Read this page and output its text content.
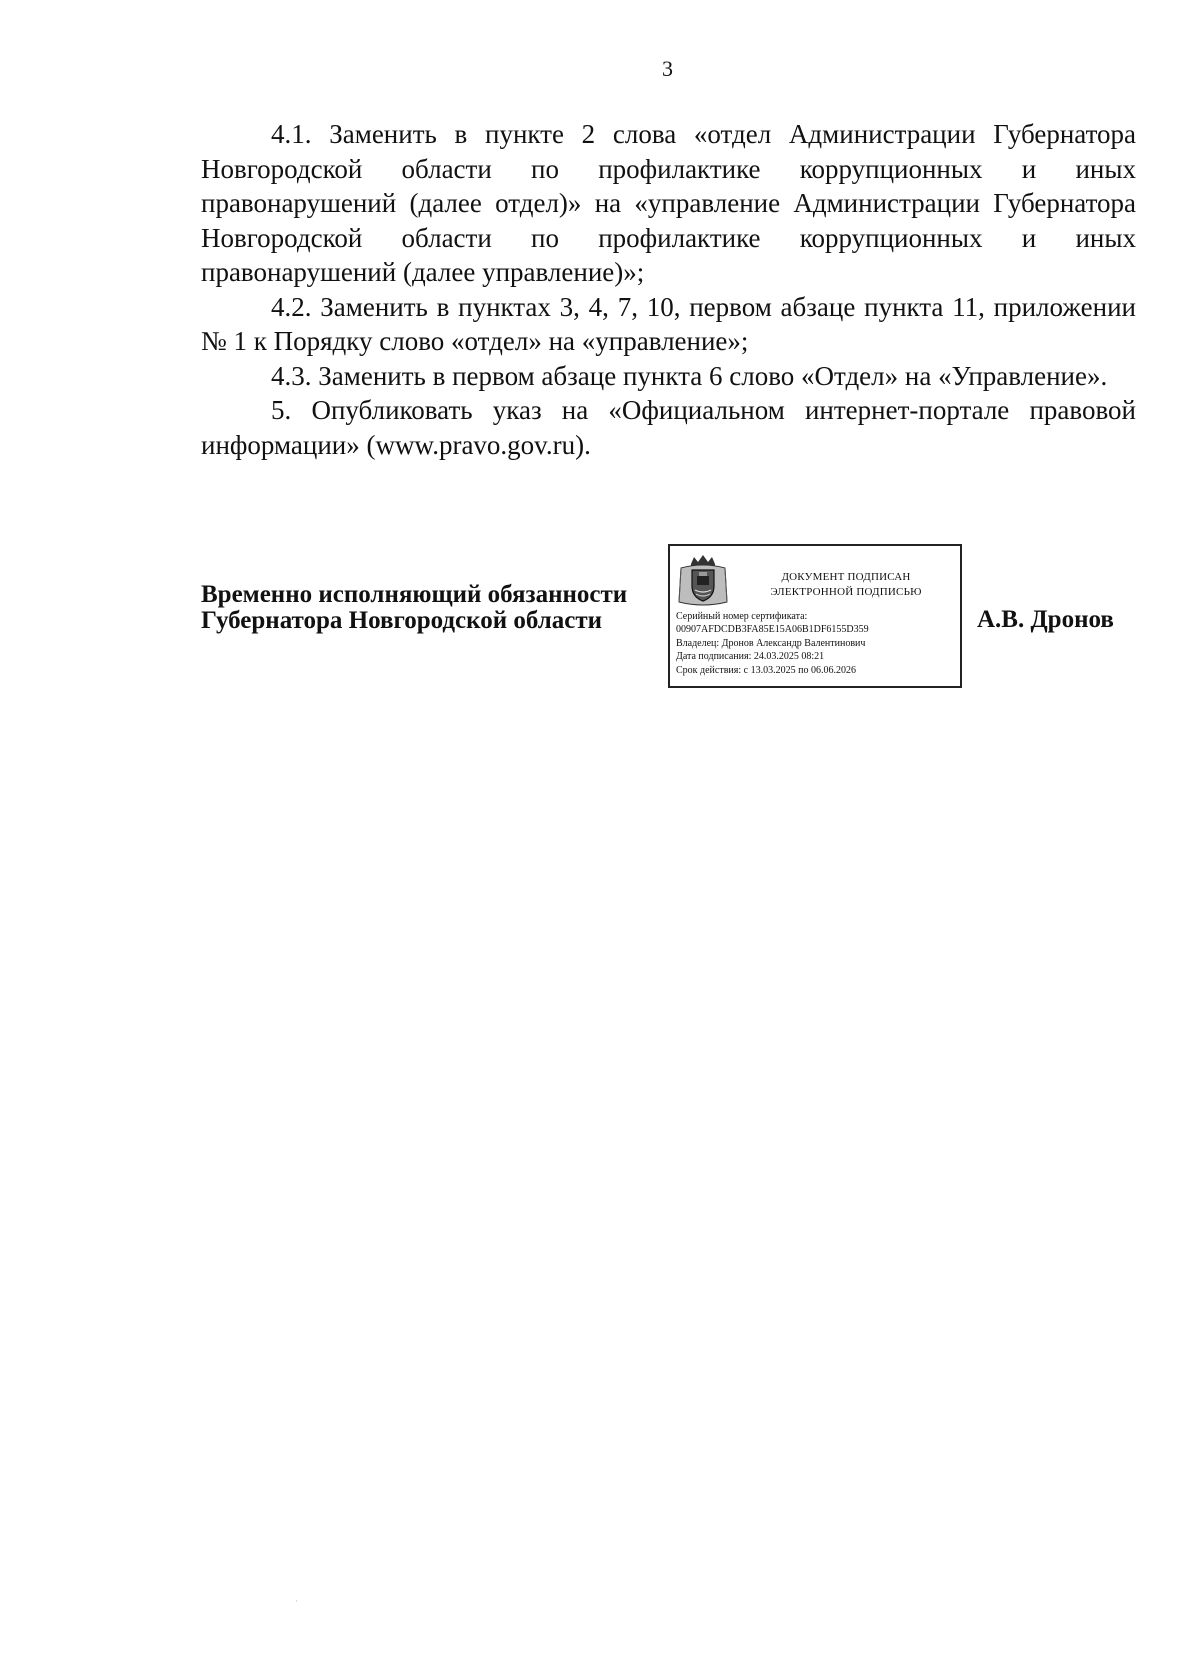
3

4.1. Заменить в пункте 2 слова «отдел Администрации Губернатора Новгородской области по профилактике коррупционных и иных правонарушений (далее отдел)» на «управление Администрации Губернатора Новгородской области по профилактике коррупционных и иных правонарушений (далее управление)»;

4.2. Заменить в пунктах 3, 4, 7, 10, первом абзаце пункта 11, приложении № 1 к Порядку слово «отдел» на «управление»;

4.3. Заменить в первом абзаце пункта 6 слово «Отдел» на «Управление».

5. Опубликовать указ на «Официальном интернет-портале правовой информации» (www.pravo.gov.ru).

Временно исполняющий обязанности
Губернатора Новгородской области
ДОКУМЕНТ ПОДПИСАН
ЭЛЕКТРОННОЙ ПОДПИСЬЮ
Серийный номер сертификата:
00907AFDCDB3FA85E15A06B1DF6155D359
Владелец: Дронов Александр Валентинович
Дата подписания: 24.03.2025 08:21
Срок действия: с 13.03.2025 по 06.06.2026
А.В. Дронов
·
